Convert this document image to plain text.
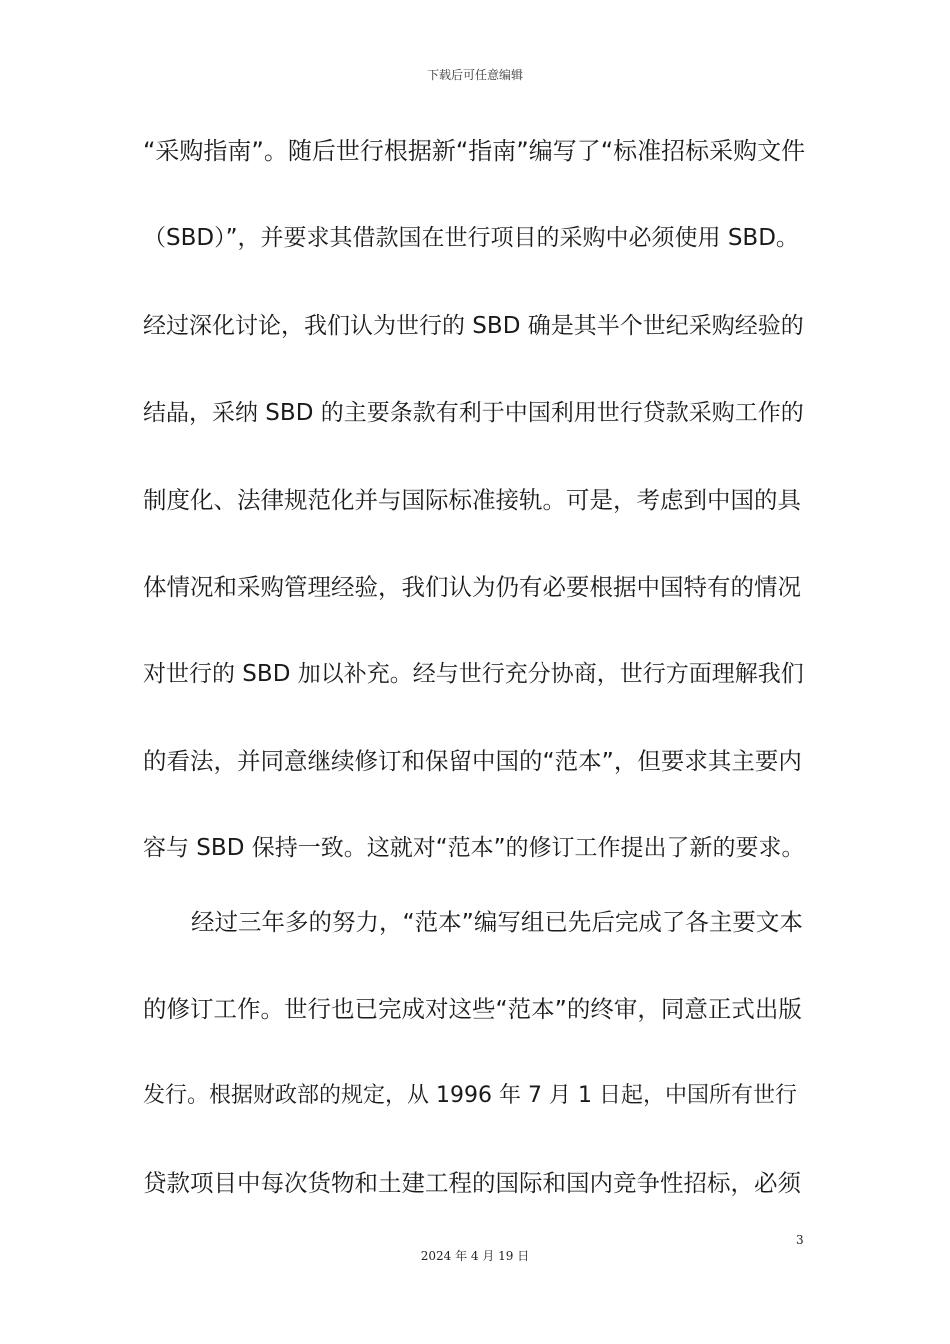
下载后可任意编辑
“采购指南”。随后世行根据新“指南”编写了“标准招标采购文件
（SBD）”，并要求其借款国在世行项目的采购中必须使用 SBD。
经过深化讨论，我们认为世行的 SBD 确是其半个世纪采购经验的
结晶，采纳 SBD 的主要条款有利于中国利用世行贷款采购工作的
制度化、法律规范化并与国际标准接轨。可是，考虑到中国的具
体情况和采购管理经验，我们认为仍有必要根据中国特有的情况
对世行的 SBD 加以补充。经与世行充分协商，世行方面理解我们
的看法，并同意继续修订和保留中国的“范本”，但要求其主要内
容与 SBD 保持一致。这就对“范本”的修订工作提出了新的要求。
经过三年多的努力，“范本”编写组已先后完成了各主要文本
的修订工作。世行也已完成对这些“范本”的终审，同意正式出版
发行。根据财政部的规定，从 1996 年 7 月 1 日起，中国所有世行
贷款项目中每次货物和土建工程的国际和国内竞争性招标，必须
3
2024 年 4 月 19 日
